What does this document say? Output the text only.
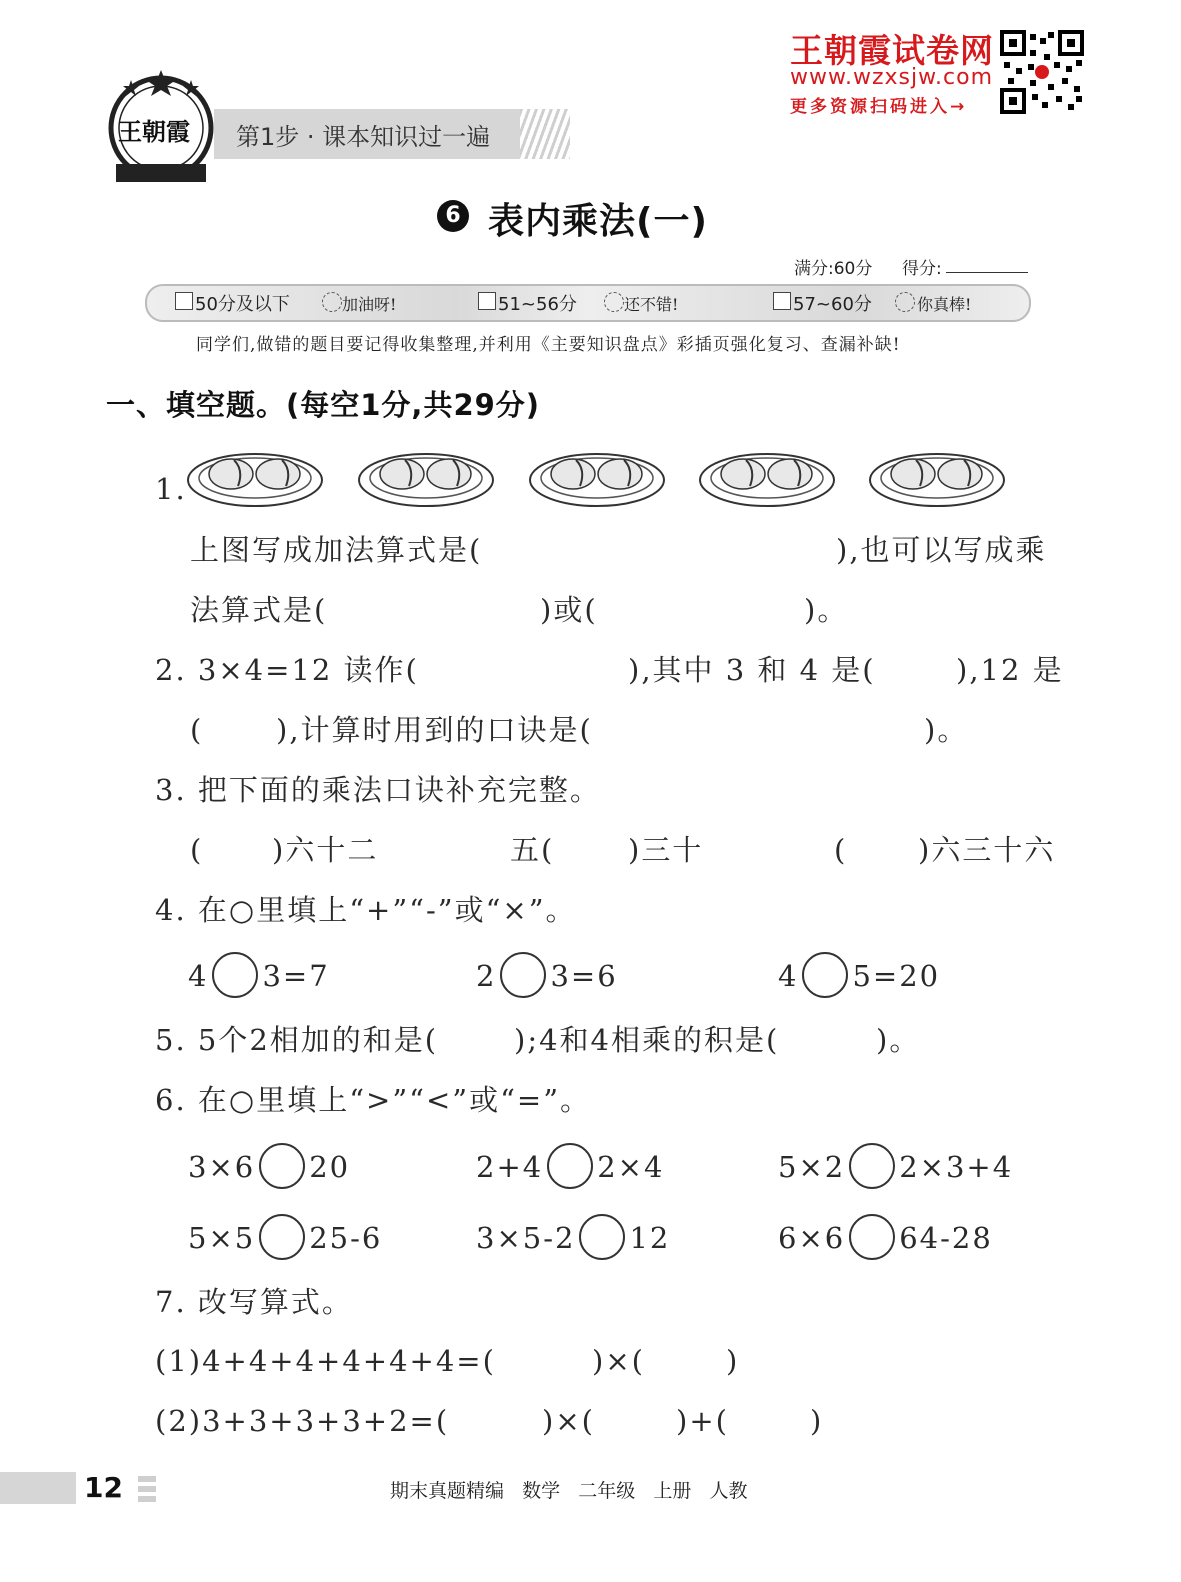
王朝霞 第1步 · 课本知识过一遍
王朝霞试卷网
www.wzxsjw.com
更多资源扫码进入→
6 表内乘法(一)
满分:60分 得分:
50分及以下	加油呀!	51~56分	还不错!	57~60分	你真棒!
同学们,做错的题目要记得收集整理,并利用《主要知识盘点》彩插页强化复习、查漏补缺!
一、填空题。(每空1分,共29分)
1.
上图写成加法算式是(	),也可以写成乘
法算式是(	)或(	)。
2. 3×4=12 读作(	),其中 3 和 4 是(	),12 是
(	),计算时用到的口诀是(	)。
3. 把下面的乘法口诀补充完整。
( )六十二	五(	)三十	( )六三十六
4. 在○里填上“+”“-”或“×”。
4 3=7	2 3=6	4 5=20
5. 5个2相加的和是(	);4和4相乘的积是(	)。
6. 在○里填上“>”“<”或“=”。
3×6 20	2+4 2×4	5×2 2×3+4
5×5 25-6	3×5-2 12	6×6 64-28
7. 改写算式。
(1)4+4+4+4+4+4=(	)×(	)
(2)3+3+3+3+2=(	)×(	)+(	)
12	期末真题精编   数学   二年级   上册   人教
